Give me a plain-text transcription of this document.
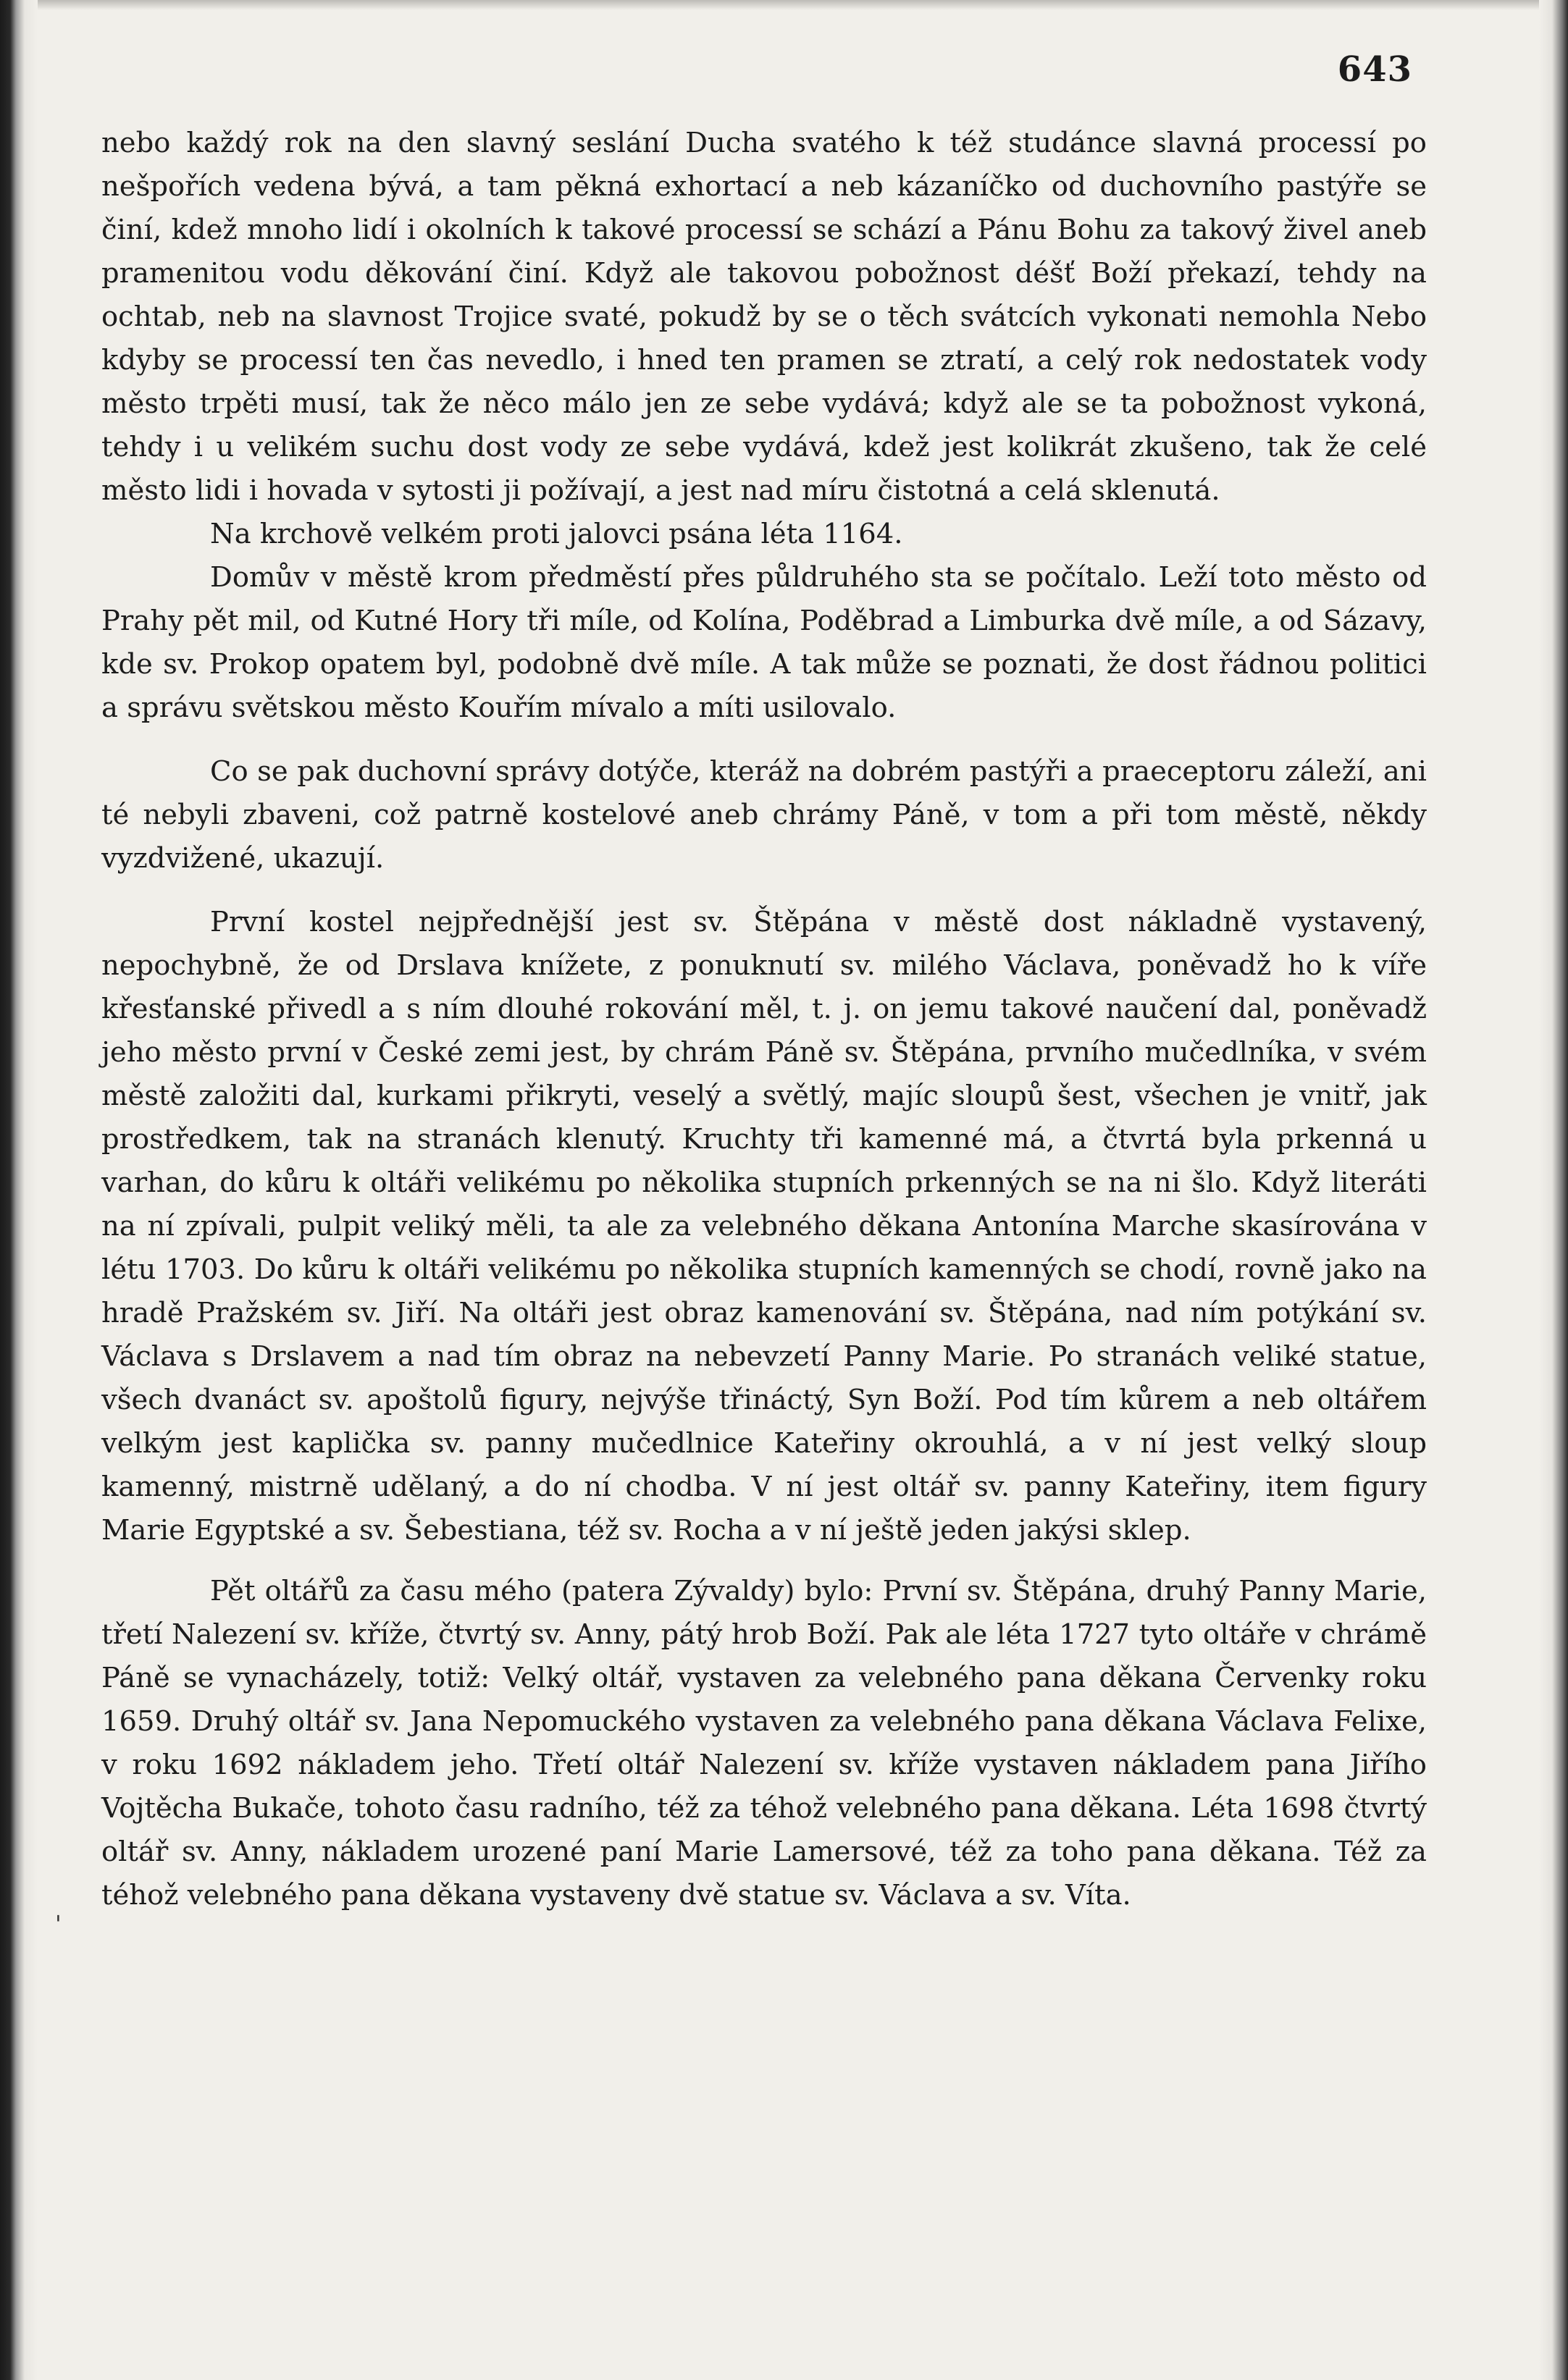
643
'

nebo každý rok na den slavný seslání Ducha svatého k též studánce slavná processí po nešpořích vedena bývá, a tam pěkná exhortací a neb kázaníčko od duchovního pastýře se činí, kdež mnoho lidí i okolních k takové processí se schází a Pánu Bohu za takový živel aneb pramenitou vodu děkování činí. Když ale takovou pobožnost déšť Boží překazí, tehdy na ochtab, neb na slavnost Trojice svaté, pokudž by se o těch svátcích vykonati nemohla Nebo kdyby se processí ten čas nevedlo, i hned ten pramen se ztratí, a celý rok nedostatek vody město trpěti musí, tak že něco málo jen ze sebe vydává; když ale se ta pobožnost vykoná, tehdy i u velikém suchu dost vody ze sebe vydává, kdež jest kolikrát zkušeno, tak že celé město lidi i hovada v sytosti ji požívají, a jest nad míru čistotná a celá sklenutá.

Na krchově velkém proti jalovci psána léta 1164.

Domův v městě krom předměstí přes půldruhého sta se počítalo. Leží toto město od Prahy pět mil, od Kutné Hory tři míle, od Kolína, Poděbrad a Limburka dvě míle, a od Sázavy, kde sv. Prokop opatem byl, podobně dvě míle. A tak může se poznati, že dost řádnou politici a správu světskou město Kouřím mívalo a míti usilovalo.

Co se pak duchovní správy dotýče, kteráž na dobrém pastýři a praeceptoru záleží, ani té nebyli zbaveni, což patrně kostelové aneb chrámy Páně, v tom a při tom městě, někdy vyzdvižené, ukazují.

První kostel nejpřednější jest sv. Štěpána v městě dost nákladně vystavený, nepochybně, že od Drslava knížete, z ponuknutí sv. milého Václava, poněvadž ho k víře křesťanské přivedl a s ním dlouhé rokování měl, t. j. on jemu takové naučení dal, poněvadž jeho město první v České zemi jest, by chrám Páně sv. Štěpána, prvního mučedlníka, v svém městě založiti dal, kurkami přikryti, veselý a světlý, majíc sloupů šest, všechen je vnitř, jak prostředkem, tak na stranách klenutý. Kruchty tři kamenné má, a čtvrtá byla prkenná u varhan, do kůru k oltáři velikému po několika stupních prkenných se na ni šlo. Když literáti na ní zpívali, pulpit veliký měli, ta ale za velebného děkana Antonína Marche skasírována v létu 1703. Do kůru k oltáři velikému po několika stupních kamenných se chodí, rovně jako na hradě Pražském sv. Jiří. Na oltáři jest obraz kamenování sv. Štěpána, nad ním potýkání sv. Václava s Drslavem a nad tím obraz na nebevzetí Panny Marie. Po stranách veliké statue, všech dvanáct sv. apoštolů figury, nejvýše třináctý, Syn Boží. Pod tím kůrem a neb oltářem velkým jest kaplička sv. panny mučedlnice Kateřiny okrouhlá, a v ní jest velký sloup kamenný, mistrně udělaný, a do ní chodba. V ní jest oltář sv. panny Kateřiny, item figury Marie Egyptské a sv. Šebestiana, též sv. Rocha a v ní ještě jeden jakýsi sklep.

Pět oltářů za času mého (patera Zývaldy) bylo: První sv. Štěpána, druhý Panny Marie, třetí Nalezení sv. kříže, čtvrtý sv. Anny, pátý hrob Boží. Pak ale léta 1727 tyto oltáře v chrámě Páně se vynacházely, totiž: Velký oltář, vystaven za velebného pana děkana Červenky roku 1659. Druhý oltář sv. Jana Nepomuckého vystaven za velebného pana děkana Václava Felixe, v roku 1692 nákladem jeho. Třetí oltář Nalezení sv. kříže vystaven nákladem pana Jiřího Vojtěcha Bukače, tohoto času radního, též za téhož velebného pana děkana. Léta 1698 čtvrtý oltář sv. Anny, nákladem urozené paní Marie Lamersové, též za toho pana děkana. Též za téhož velebného pana děkana vystaveny dvě statue sv. Václava a sv. Víta.
